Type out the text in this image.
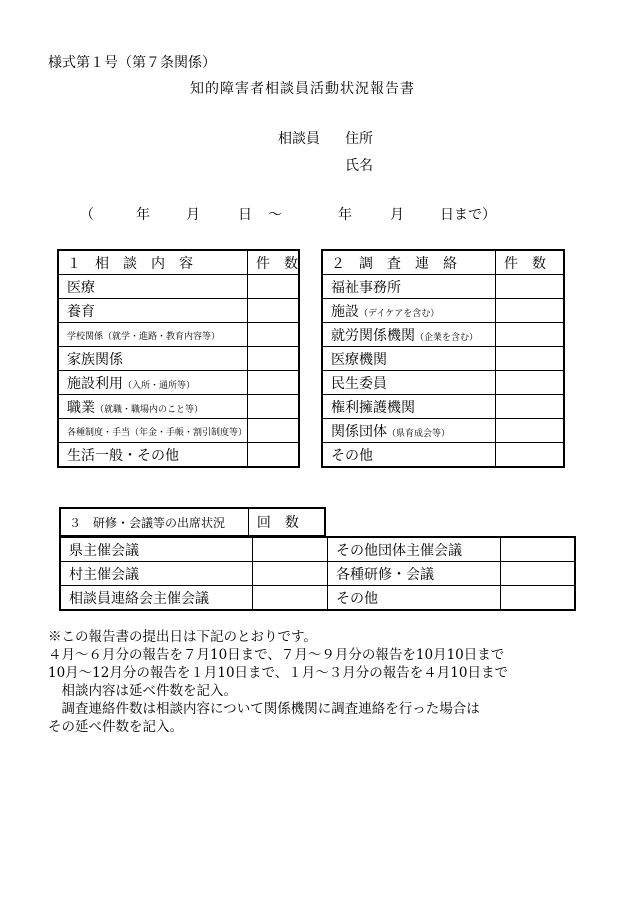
様式第１号（第７条関係）
知的障害者相談員活動状況報告書
相談員 住所
氏名
（	年	月	日 ～	年	月	日まで）
１　相　談　内　容	件　数
医療	
養育	
学校関係（就学・進路・教育内容等）	
家族関係	
施設利用（入所・通所等）	
職業（就職・職場内のこと等）	
各種制度・手当（年金・手帳・割引制度等）	
生活一般・その他	
２　調　査　連　絡	件　数
福祉事務所	
施設（デイケアを含む）	
就労関係機関（企業を含む）	
医療機関	
民生委員	
権利擁護機関	
関係団体（県育成会等）	
その他	
３　研修・会議等の出席状況	回　数
県主催会議		その他団体主催会議	
村主催会議		各種研修・会議	
相談員連絡会主催会議		その他	
※この報告書の提出日は下記のとおりです。
４月～６月分の報告を７月10日まで、７月～９月分の報告を10月10日まで
10月～12月分の報告を１月10日まで、１月～３月分の報告を４月10日まで
　相談内容は延べ件数を記入。
　調査連絡件数は相談内容について関係機関に調査連絡を行った場合は
その延べ件数を記入。
